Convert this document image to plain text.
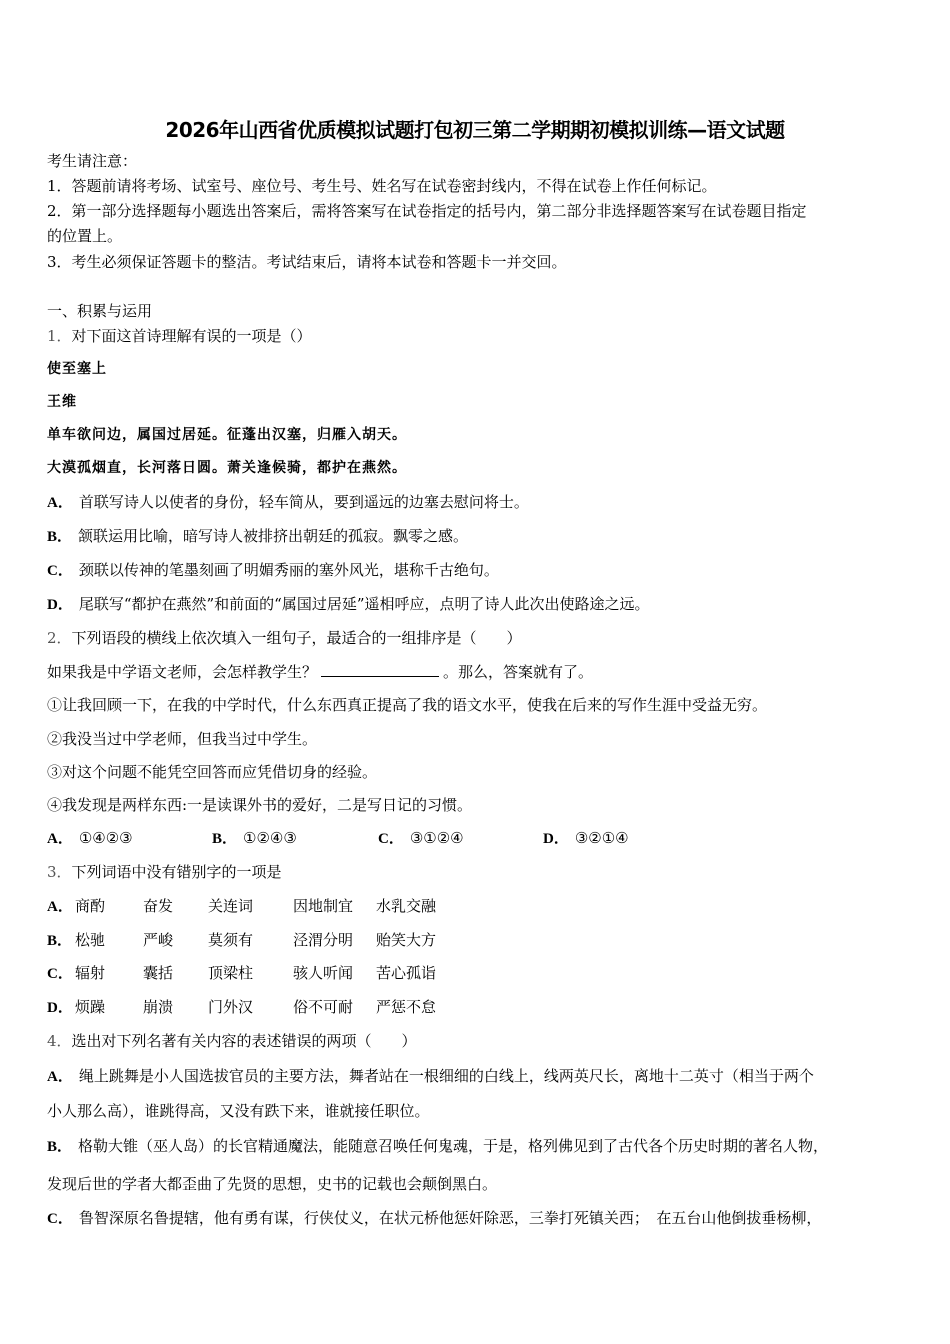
2026年山西省优质模拟试题打包初三第二学期期初模拟训练—语文试题
考生请注意：
1．答题前请将考场、试室号、座位号、考生号、姓名写在试卷密封线内，不得在试卷上作任何标记。
2．第一部分选择题每小题选出答案后，需将答案写在试卷指定的括号内，第二部分非选择题答案写在试卷题目指定
的位置上。
3．考生必须保证答题卡的整洁。考试结束后，请将本试卷和答题卡一并交回。
一、积累与运用
1．对下面这首诗理解有误的一项是（）
使至塞上
王维
单车欲问边，属国过居延。征蓬出汉塞，归雁入胡天。
大漠孤烟直，长河落日圆。萧关逢候骑，都护在燕然。
A． 首联写诗人以使者的身份，轻车简从，要到遥远的边塞去慰问将士。
B． 颔联运用比喻，暗写诗人被排挤出朝廷的孤寂。飘零之感。
C． 颈联以传神的笔墨刻画了明媚秀丽的塞外风光，堪称千古绝句。
D． 尾联写“都护在燕然”和前面的“属国过居延”遥相呼应，点明了诗人此次出使路途之远。
2．下列语段的横线上依次填入一组句子，最适合的一组排序是（　　）
如果我是中学语文老师，会怎样教学生？	。那么，答案就有了。
①让我回顾一下，在我的中学时代，什么东西真正提高了我的语文水平，使我在后来的写作生涯中受益无穷。
②我没当过中学老师，但我当过中学生。
③对这个问题不能凭空回答而应凭借切身的经验。
④我发现是两样东西:一是读课外书的爱好，二是写日记的习惯。
A． ①④②③	B． ①②④③	C． ③①②④	D． ③②①④
3．下列词语中没有错别字的一项是
A． 商酌	奋发 关连词	因地制宜 水乳交融
B． 松驰	严峻 莫须有	泾渭分明 贻笑大方
C． 辐射	囊括 顶梁柱	骇人听闻 苦心孤诣
D． 烦躁	崩溃 门外汉	俗不可耐 严惩不怠
4．选出对下列名著有关内容的表述错误的两项（　　）
A． 绳上跳舞是小人国选拔官员的主要方法，舞者站在一根细细的白线上，线两英尺长，离地十二英寸（相当于两个
小人那么高），谁跳得高，又没有跌下来，谁就接任职位。
B． 格勒大锥（巫人岛）的长官精通魔法，能随意召唤任何鬼魂，于是，格列佛见到了古代各个历史时期的著名人物，
发现后世的学者大都歪曲了先贤的思想，史书的记载也会颠倒黑白。
C． 鲁智深原名鲁提辖，他有勇有谋，行侠仗义，在状元桥他惩奸除恶，三拳打死镇关西；　在五台山他倒拔垂杨柳，
